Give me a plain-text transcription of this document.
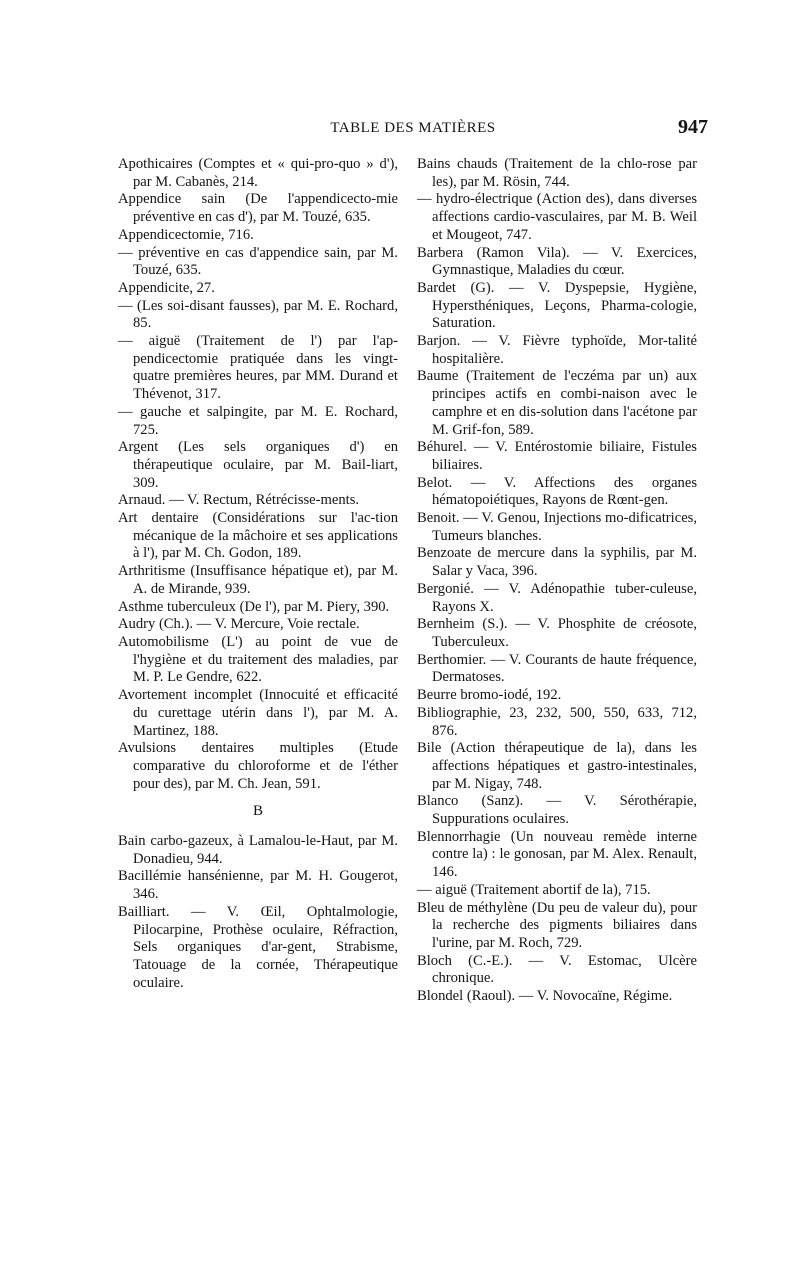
TABLE DES MATIÈRES	947

Apothicaires (Comptes et « qui-pro-quo » d'), par M. Cabanès, 214.

Appendice sain (De l'appendicecto-mie préventive en cas d'), par M. Touzé, 635.

Appendicectomie, 716.

— préventive en cas d'appendice sain, par M. Touzé, 635.

Appendicite, 27.

— (Les soi-disant fausses), par M. E. Rochard, 85.

— aiguë (Traitement de l') par l'ap-pendicectomie pratiquée dans les vingt-quatre premières heures, par MM. Durand et Thévenot, 317.

— gauche et salpingite, par M. E. Rochard, 725.

Argent (Les sels organiques d') en thérapeutique oculaire, par M. Bail-liart, 309.

Arnaud. — V. Rectum, Rétrécisse-ments.

Art dentaire (Considérations sur l'ac-tion mécanique de la mâchoire et ses applications à l'), par M. Ch. Godon, 189.

Arthritisme (Insuffisance hépatique et), par M. A. de Mirande, 939.

Asthme tuberculeux (De l'), par M. Piery, 390.

Audry (Ch.). — V. Mercure, Voie rectale.

Automobilisme (L') au point de vue de l'hygiène et du traitement des maladies, par M. P. Le Gendre, 622.

Avortement incomplet (Innocuité et efficacité du curettage utérin dans l'), par M. A. Martinez, 188.

Avulsions dentaires multiples (Etude comparative du chloroforme et de l'éther pour des), par M. Ch. Jean, 591.

B

Bain carbo-gazeux, à Lamalou-le-Haut, par M. Donadieu, 944.

Bacillémie hansénienne, par M. H. Gougerot, 346.

Bailliart. — V. Œil, Ophtalmologie, Pilocarpine, Prothèse oculaire, Réfraction, Sels organiques d'ar-gent, Strabisme, Tatouage de la cornée, Thérapeutique oculaire.

Bains chauds (Traitement de la chlo-rose par les), par M. Rösin, 744.

— hydro-électrique (Action des), dans diverses affections cardio-vasculaires, par M. B. Weil et Mougeot, 747.

Barbera (Ramon Vila). — V. Exercices, Gymnastique, Maladies du cœur.

Bardet (G). — V. Dyspepsie, Hygiène, Hypersthéniques, Leçons, Pharma-cologie, Saturation.

Barjon. — V. Fièvre typhoïde, Mor-talité hospitalière.

Baume (Traitement de l'eczéma par un) aux principes actifs en combi-naison avec le camphre et en dis-solution dans l'acétone par M. Grif-fon, 589.

Béhurel. — V. Entérostomie biliaire, Fistules biliaires.

Belot. — V. Affections des organes hématopoiétiques, Rayons de Rœnt-gen.

Benoit. — V. Genou, Injections mo-dificatrices, Tumeurs blanches.

Benzoate de mercure dans la syphilis, par M. Salar y Vaca, 396.

Bergonié. — V. Adénopathie tuber-culeuse, Rayons X.

Bernheim (S.). — V. Phosphite de créosote, Tuberculeux.

Berthomier. — V. Courants de haute fréquence, Dermatoses.

Beurre bromo-iodé, 192.

Bibliographie, 23, 232, 500, 550, 633, 712, 876.

Bile (Action thérapeutique de la), dans les affections hépatiques et gastro-intestinales, par M. Nigay, 748.

Blanco (Sanz). — V. Sérothérapie, Suppurations oculaires.

Blennorrhagie (Un nouveau remède interne contre la) : le gonosan, par M. Alex. Renault, 146.

— aiguë (Traitement abortif de la), 715.

Bleu de méthylène (Du peu de valeur du), pour la recherche des pigments biliaires dans l'urine, par M. Roch, 729.

Bloch (C.-E.). — V. Estomac, Ulcère chronique.

Blondel (Raoul). — V. Novocaïne, Régime.
